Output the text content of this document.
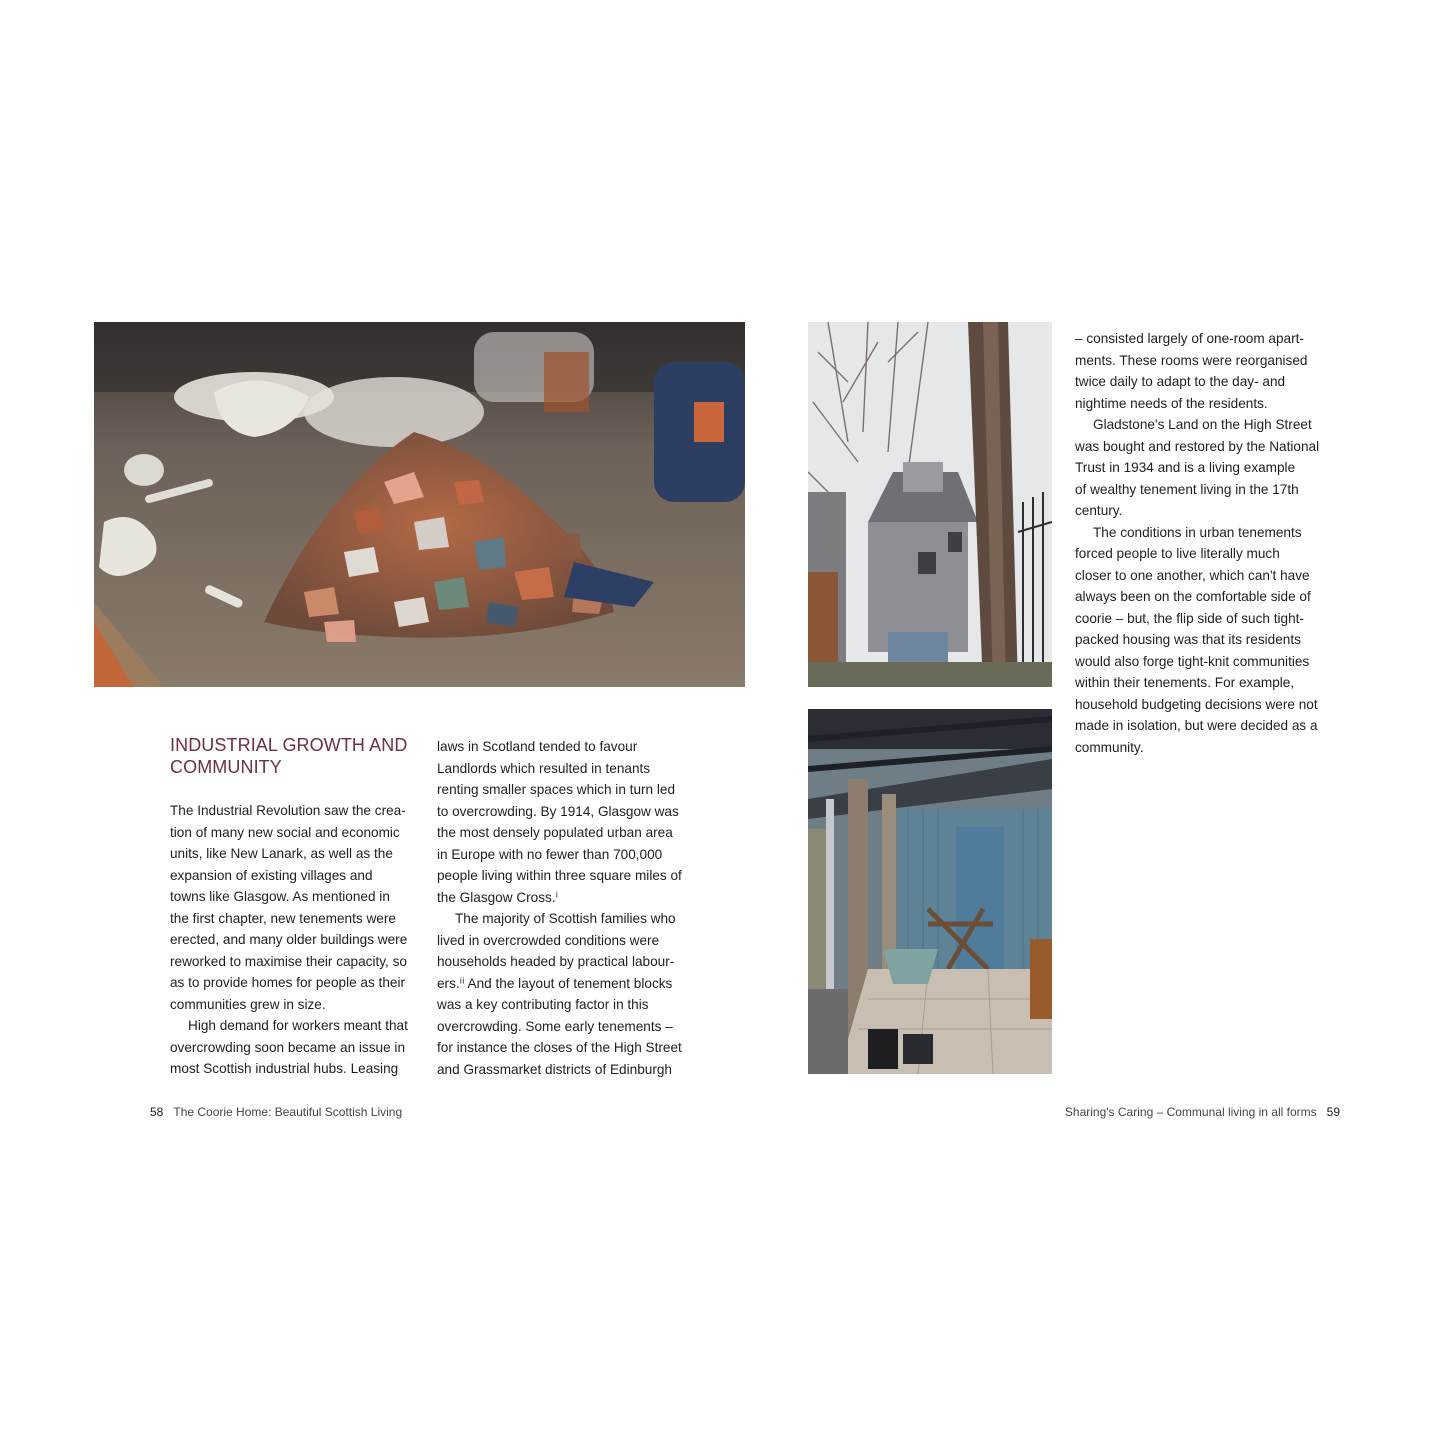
INDUSTRIAL GROWTH AND
COMMUNITY
The Industrial Revolution saw the crea-
tion of many new social and economic
units, like New Lanark, as well as the
expansion of existing villages and
towns like Glasgow. As mentioned in
the first chapter, new tenements were
erected, and many older buildings were
reworked to maximise their capacity, so
as to provide homes for people as their
communities grew in size.
High demand for workers meant that
overcrowding soon became an issue in
most Scottish industrial hubs. Leasing
laws in Scotland tended to favour
Landlords which resulted in tenants
renting smaller spaces which in turn led
to overcrowding. By 1914, Glasgow was
the most densely populated urban area
in Europe with no fewer than 700,000
people living within three square miles of
the Glasgow Cross.ⁱ
The majority of Scottish families who
lived in overcrowded conditions were
households headed by practical labour-
ers.ⁱⁱ And the layout of tenement blocks
was a key contributing factor in this
overcrowding. Some early tenements –
for instance the closes of the High Street
and Grassmarket districts of Edinburgh
– consisted largely of one-room apart-
ments. These rooms were reorganised
twice daily to adapt to the day- and
nightime needs of the residents.
Gladstone's Land on the High Street
was bought and restored by the National
Trust in 1934 and is a living example
of wealthy tenement living in the 17th
century.
The conditions in urban tenements
forced people to live literally much
closer to one another, which can't have
always been on the comfortable side of
coorie – but, the flip side of such tight-
packed housing was that its residents
would also forge tight-knit communities
within their tenements. For example,
household budgeting decisions were not
made in isolation, but were decided as a
community.
58 The Coorie Home: Beautiful Scottish Living	Sharing's Caring – Communal living in all forms 59
